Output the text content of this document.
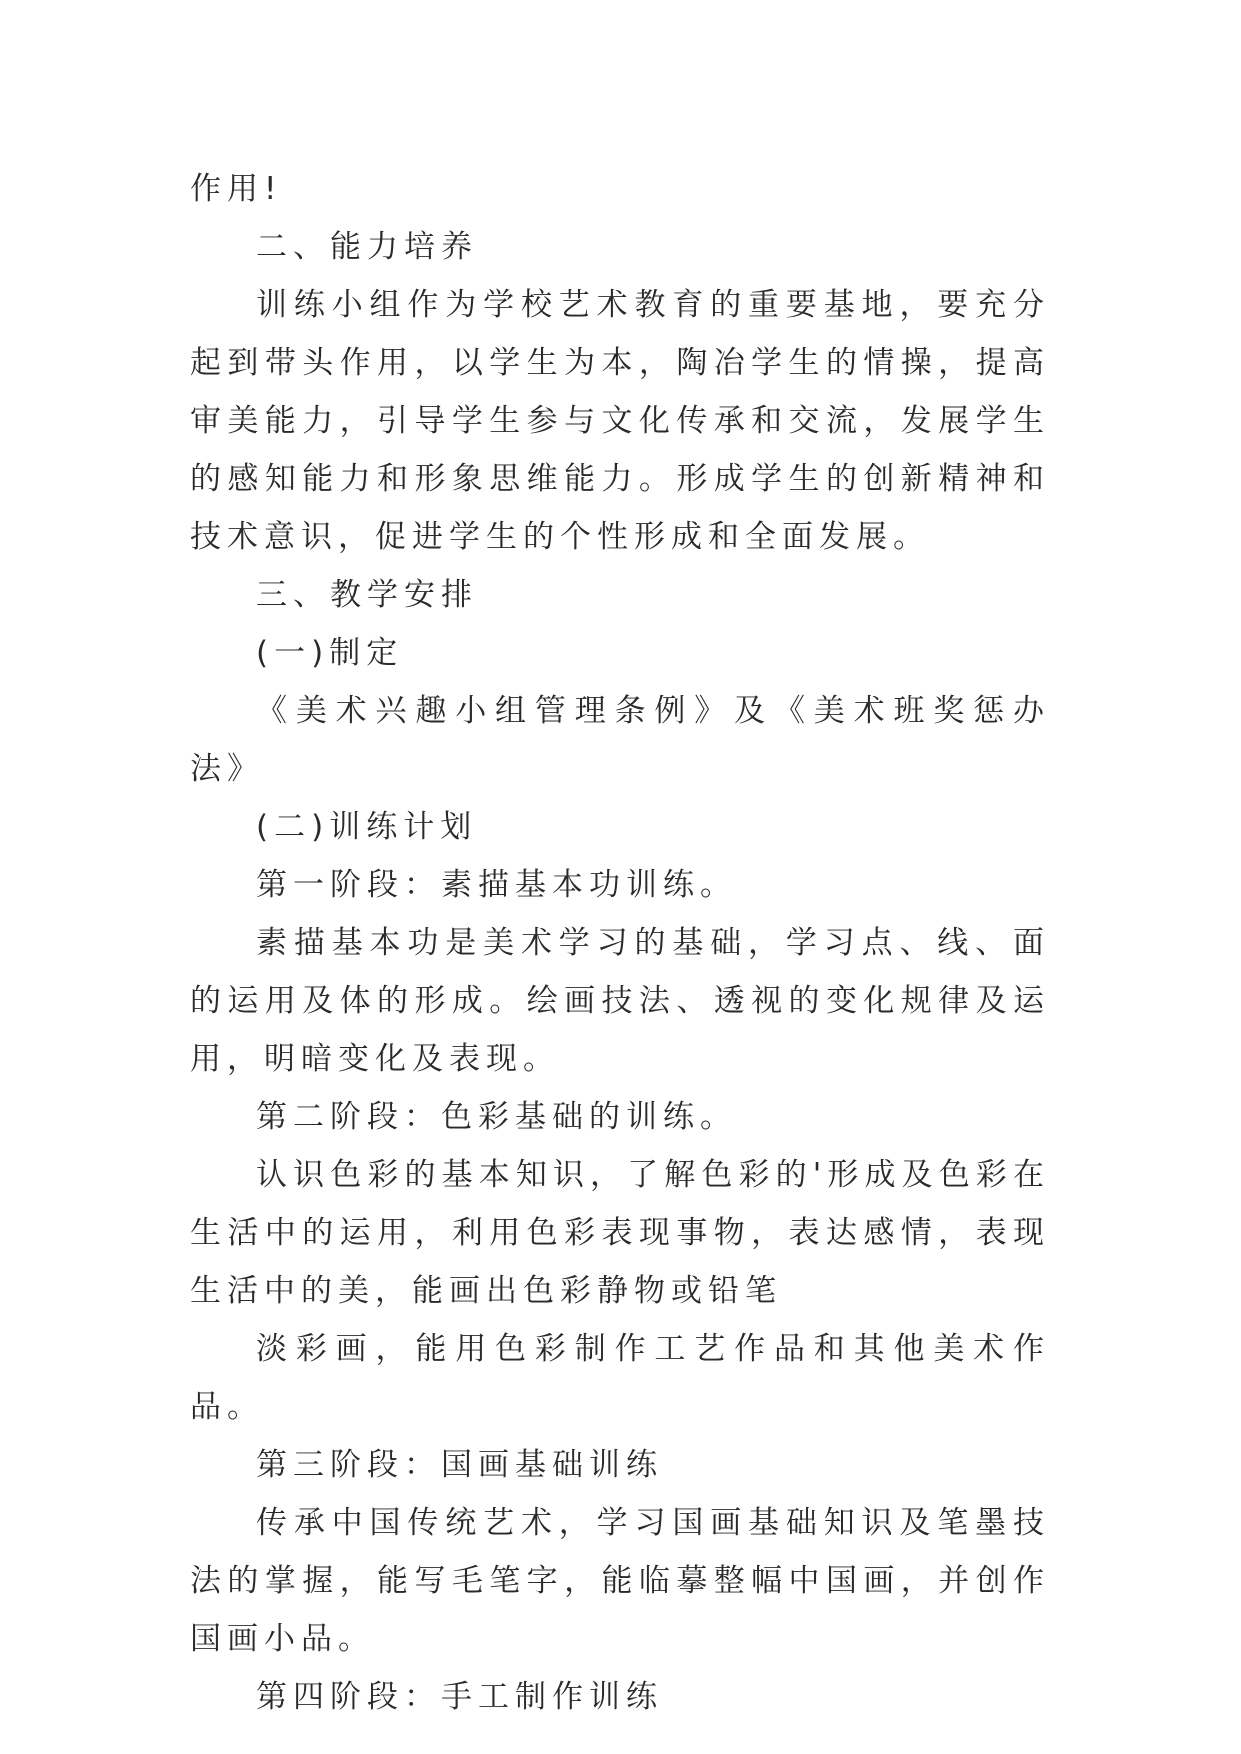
作用!

二、能力培养

训练小组作为学校艺术教育的重要基地，要充分起到带头作用，以学生为本，陶冶学生的情操，提高审美能力，引导学生参与文化传承和交流，发展学生的感知能力和形象思维能力。形成学生的创新精神和技术意识，促进学生的个性形成和全面发展。

三、教学安排

(一)制定

《美术兴趣小组管理条例》及《美术班奖惩办法》

(二)训练计划

第一阶段：素描基本功训练。

素描基本功是美术学习的基础，学习点、线、面的运用及体的形成。绘画技法、透视的变化规律及运用，明暗变化及表现。

第二阶段：色彩基础的训练。

认识色彩的基本知识，了解色彩的'形成及色彩在生活中的运用，利用色彩表现事物，表达感情，表现生活中的美，能画出色彩静物或铅笔

淡彩画，能用色彩制作工艺作品和其他美术作品。

第三阶段：国画基础训练

传承中国传统艺术，学习国画基础知识及笔墨技法的掌握，能写毛笔字，能临摹整幅中国画，并创作国画小品。

第四阶段：手工制作训练
